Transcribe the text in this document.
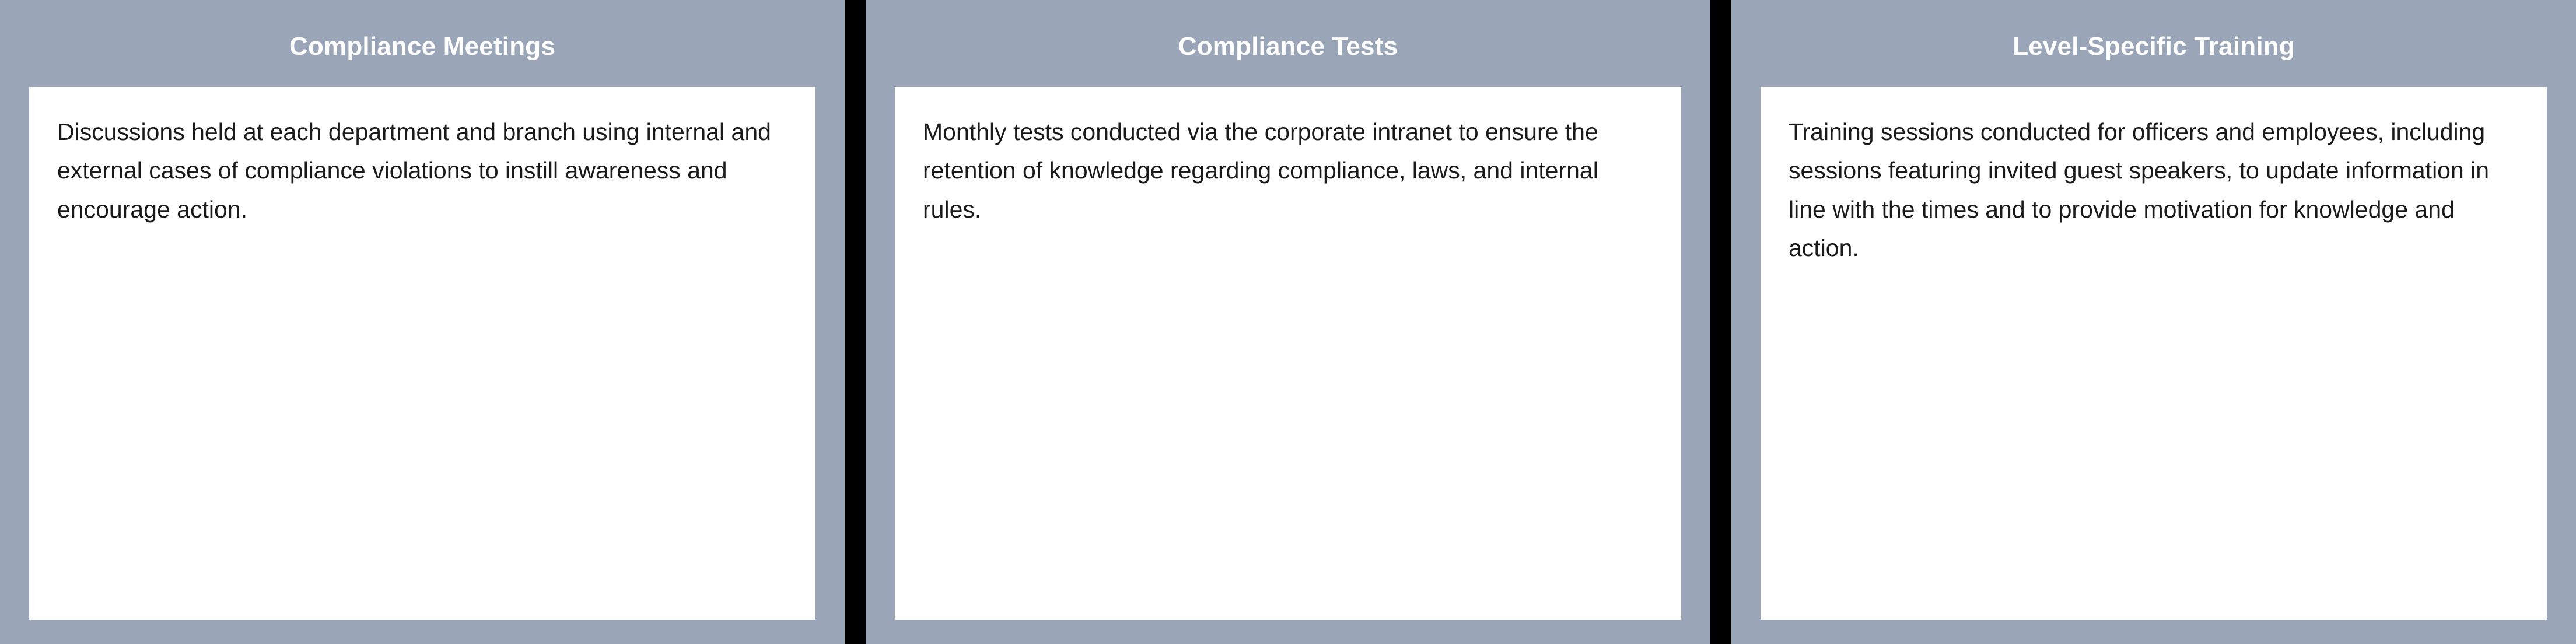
Compliance Meetings
Discussions held at each department and branch using internal and external cases of compliance violations to instill awareness and encourage action.
Compliance Tests
Monthly tests conducted via the corporate intranet to ensure the retention of knowledge regarding compliance, laws, and internal rules.
Level-Specific Training
Training sessions conducted for officers and employees, including sessions featuring invited guest speakers, to update information in line with the times and to provide motivation for knowledge and action.
